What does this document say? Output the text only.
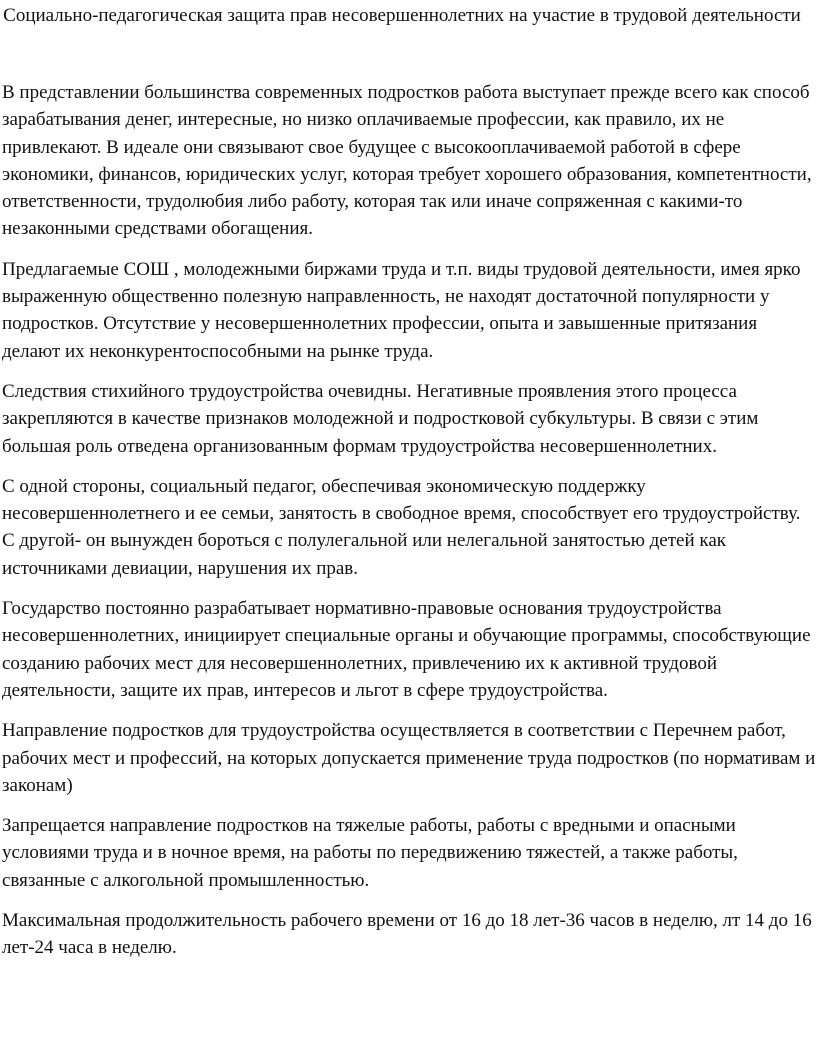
Социально-педагогическая защита прав несовершеннолетних на участие в трудовой деятельности

В представлении большинства современных подростков работа выступает прежде всего как способ зарабатывания денег, интересные, но низко оплачиваемые профессии, как правило, их не привлекают. В идеале они связывают свое будущее с высокооплачиваемой работой в сфере экономики, финансов, юридических услуг, которая требует хорошего образования, компетентности, ответственности, трудолюбия либо работу, которая так или иначе сопряженная с какими-то незаконными средствами обогащения.

Предлагаемые СОШ , молодежными биржами труда и т.п. виды трудовой деятельности, имея ярко выраженную общественно полезную направленность, не находят достаточной популярности у подростков. Отсутствие у несовершеннолетних профессии, опыта и завышенные притязания делают их неконкурентоспособными на рынке труда.

Следствия стихийного трудоустройства очевидны. Негативные проявления этого процесса закрепляются в качестве признаков молодежной и подростковой субкультуры. В связи с этим большая роль отведена организованным формам трудоустройства несовершеннолетних.

С одной стороны, социальный педагог, обеспечивая экономическую поддержку несовершеннолетнего и ее семьи, занятость в свободное время, способствует его трудоустройству. С другой- он вынужден бороться с полулегальной или нелегальной занятостью детей как источниками девиации, нарушения их прав.

Государство постоянно разрабатывает нормативно-правовые основания трудоустройства несовершеннолетних, инициирует специальные органы и обучающие программы, способствующие созданию рабочих мест для несовершеннолетних, привлечению их к активной трудовой деятельности, защите их прав, интересов и льгот в сфере трудоустройства.

Направление подростков для трудоустройства осуществляется в соответствии с Перечнем работ, рабочих мест и профессий, на которых допускается применение труда подростков (по нормативам и законам)

Запрещается направление подростков на тяжелые работы, работы с вредными и опасными условиями труда и в ночное время, на работы по передвижению тяжестей, а также работы, связанные с алкогольной промышленностью.

Максимальная продолжительность рабочего времени от 16 до 18 лет-36 часов в неделю, лт 14 до 16 лет-24 часа в неделю.
